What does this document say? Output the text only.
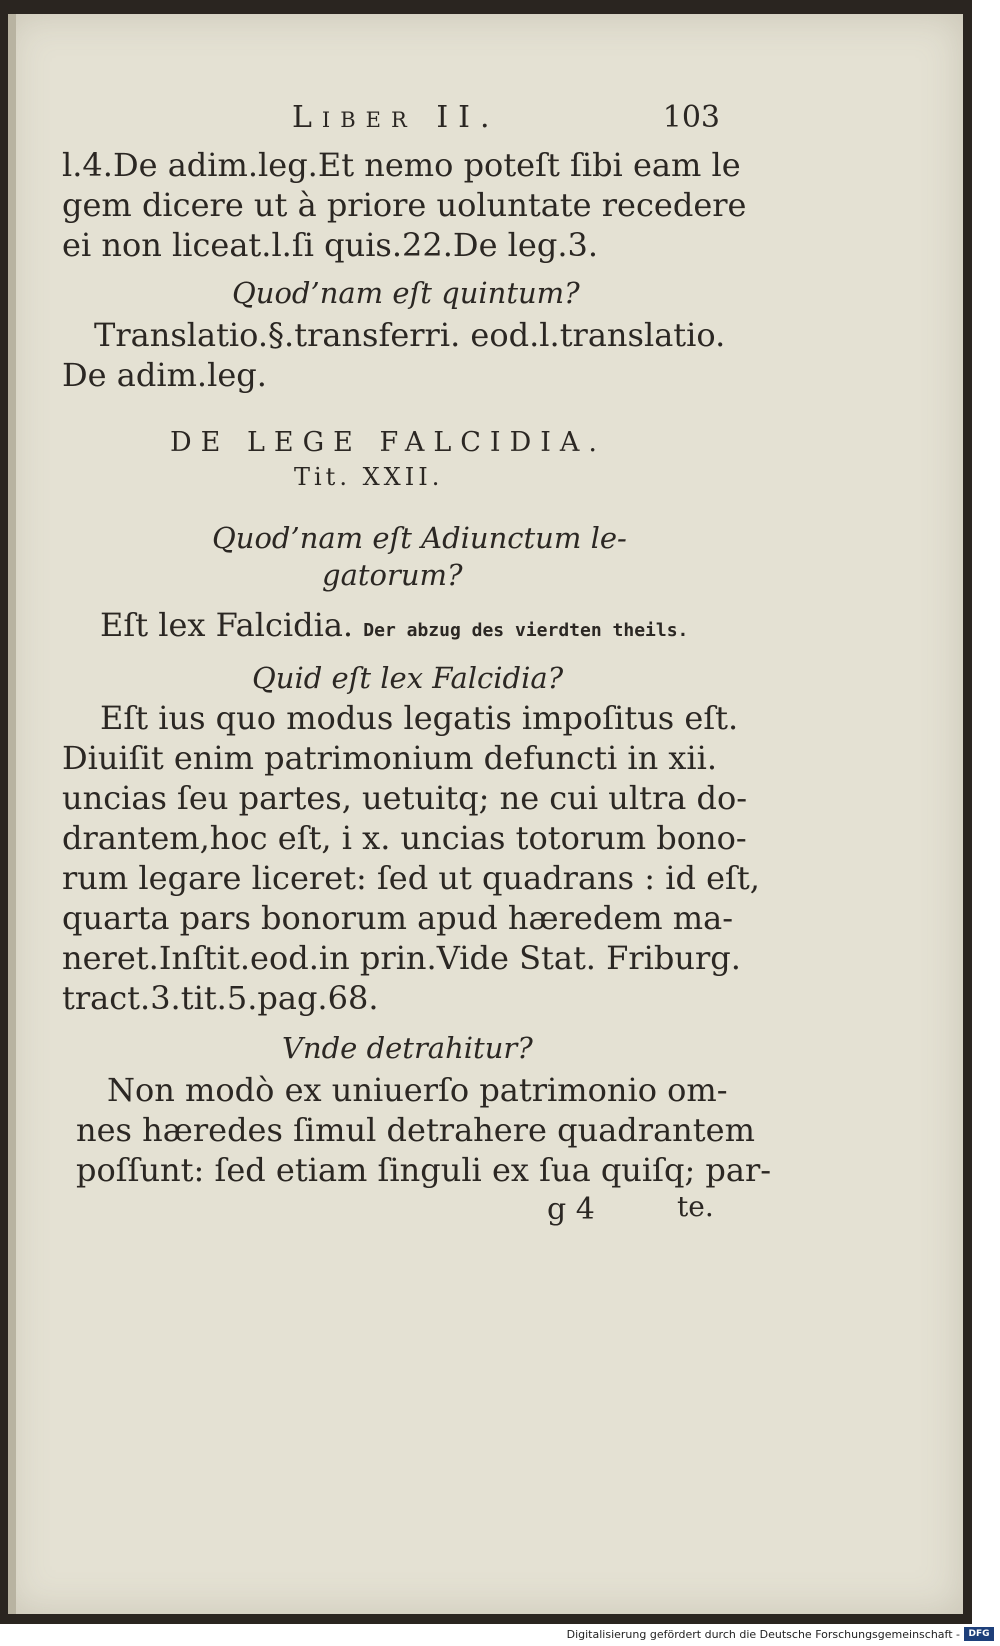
Liber II.	103
l.4.De adim.leg.Et nemo poteſt ſibi eam le
gem dicere ut à priore uoluntate recedere
ei non liceat.l.ſi quis.22.De leg.3.
Quod’nam eſt quintum?
Translatio.§.transferri. eod.l.translatio.
De adim.leg.
DE LEGE FALCIDIA.
Tit. XXII.
Quod’nam eſt Adiunctum le-
gatorum?
Eſt lex Falcidia. Der abzug des vierdten theils.
Quid eſt lex Falcidia?
Eſt ius quo modus legatis impoſitus eſt.
Diuiſit enim patrimonium defuncti in xii.
uncias ſeu partes, uetuitq; ne cui ultra do-
drantem,hoc eſt, i x. uncias totorum bono-
rum legare liceret: ſed ut quadrans : id eſt,
quarta pars bonorum apud hæredem ma-
neret.Inſtit.eod.in prin.Vide Stat. Friburg.
tract.3.tit.5.pag.68.
Vnde detrahitur?
Non modò ex uniuerſo patrimonio om-
nes hæredes ſimul detrahere quadrantem
poſſunt: ſed etiam ſinguli ex ſua quiſq; par-
g 4	te.
Digitalisierung gefördert durch die Deutsche Forschungsgemeinschaft - DFG
